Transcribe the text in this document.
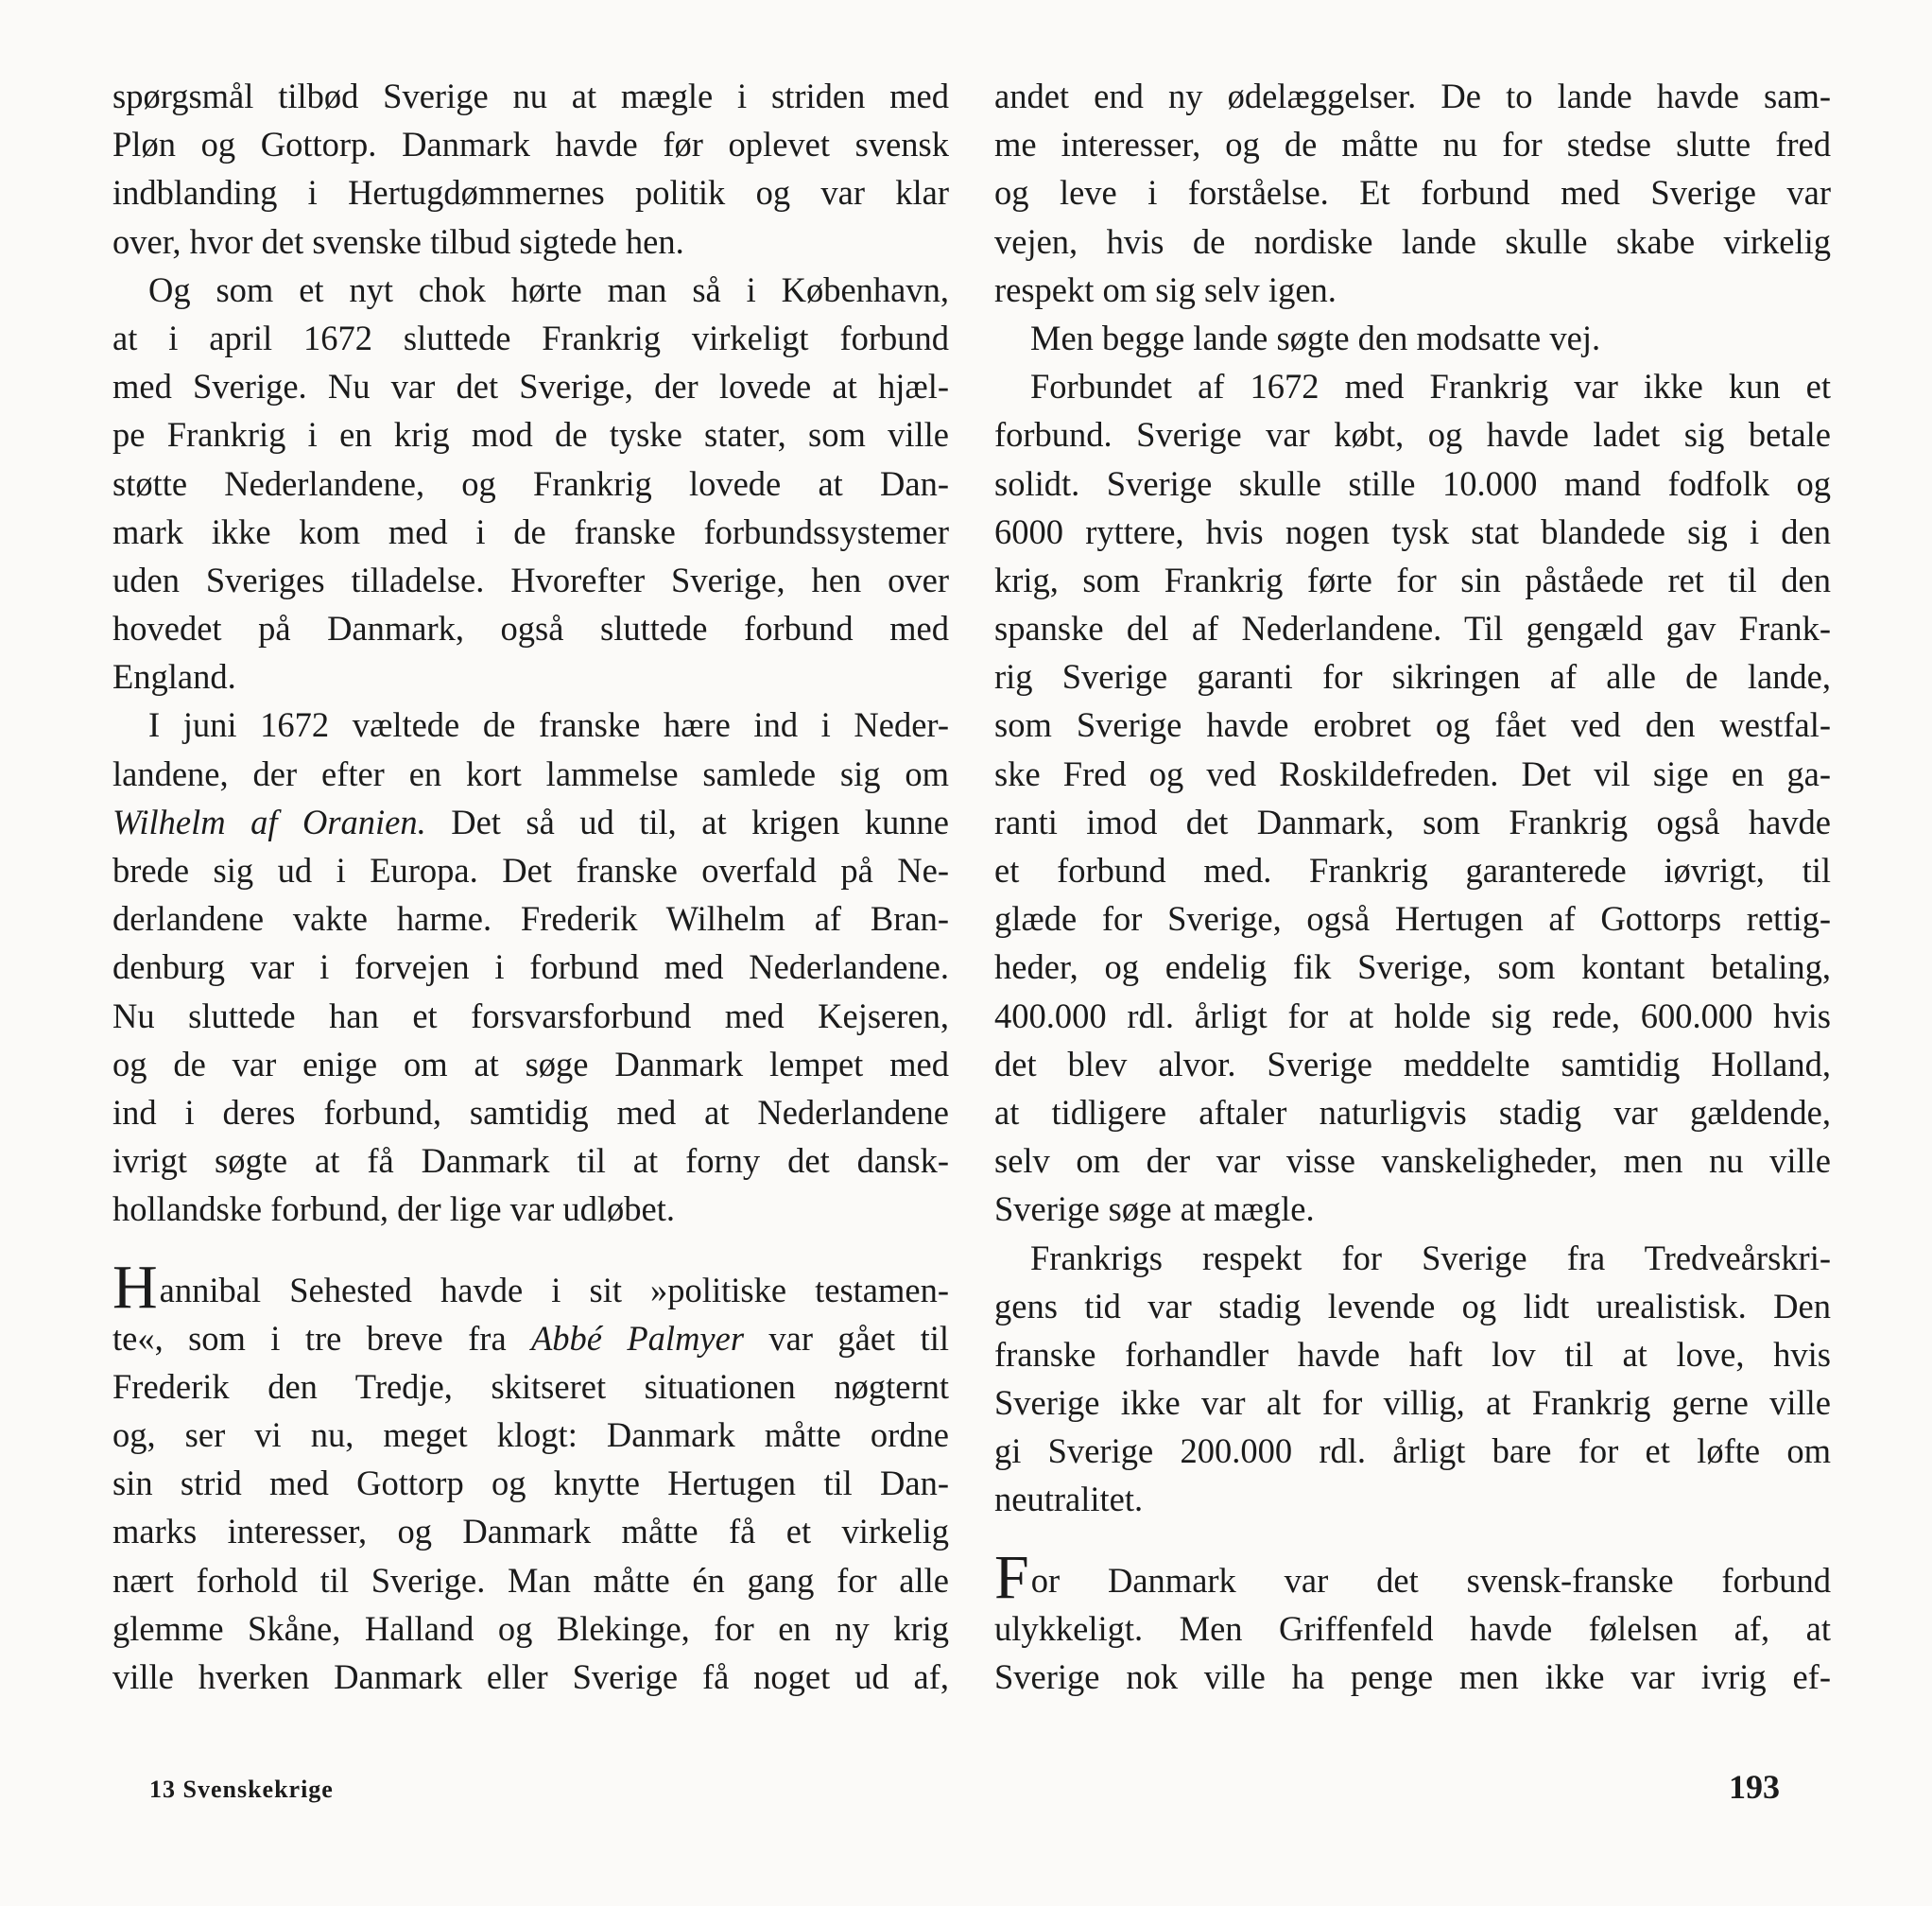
spørgsmål tilbød Sverige nu at mægle i striden med
Pløn og Gottorp. Danmark havde før oplevet svensk
indblanding i Hertugdømmernes politik og var klar
over, hvor det svenske tilbud sigtede hen.
Og som et nyt chok hørte man så i København,
at i april 1672 sluttede Frankrig virkeligt forbund
med Sverige. Nu var det Sverige, der lovede at hjæl-
pe Frankrig i en krig mod de tyske stater, som ville
støtte Nederlandene, og Frankrig lovede at Dan-
mark ikke kom med i de franske forbundssystemer
uden Sveriges tilladelse. Hvorefter Sverige, hen over
hovedet på Danmark, også sluttede forbund med
England.
I juni 1672 væltede de franske hære ind i Neder-
landene, der efter en kort lammelse samlede sig om
Wilhelm af Oranien. Det så ud til, at krigen kunne
brede sig ud i Europa. Det franske overfald på Ne-
derlandene vakte harme. Frederik Wilhelm af Bran-
denburg var i forvejen i forbund med Nederlandene.
Nu sluttede han et forsvarsforbund med Kejseren,
og de var enige om at søge Danmark lempet med
ind i deres forbund, samtidig med at Nederlandene
ivrigt søgte at få Danmark til at forny det dansk-
hollandske forbund, der lige var udløbet.
Hannibal Sehested havde i sit »politiske testamen-
te«, som i tre breve fra Abbé Palmyer var gået til
Frederik den Tredje, skitseret situationen nøgternt
og, ser vi nu, meget klogt: Danmark måtte ordne
sin strid med Gottorp og knytte Hertugen til Dan-
marks interesser, og Danmark måtte få et virkelig
nært forhold til Sverige. Man måtte én gang for alle
glemme Skåne, Halland og Blekinge, for en ny krig
ville hverken Danmark eller Sverige få noget ud af,
andet end ny ødelæggelser. De to lande havde sam-
me interesser, og de måtte nu for stedse slutte fred
og leve i forståelse. Et forbund med Sverige var
vejen, hvis de nordiske lande skulle skabe virkelig
respekt om sig selv igen.
Men begge lande søgte den modsatte vej.
Forbundet af 1672 med Frankrig var ikke kun et
forbund. Sverige var købt, og havde ladet sig betale
solidt. Sverige skulle stille 10.000 mand fodfolk og
6000 ryttere, hvis nogen tysk stat blandede sig i den
krig, som Frankrig førte for sin påståede ret til den
spanske del af Nederlandene. Til gengæld gav Frank-
rig Sverige garanti for sikringen af alle de lande,
som Sverige havde erobret og fået ved den westfal-
ske Fred og ved Roskildefreden. Det vil sige en ga-
ranti imod det Danmark, som Frankrig også havde
et forbund med. Frankrig garanterede iøvrigt, til
glæde for Sverige, også Hertugen af Gottorps rettig-
heder, og endelig fik Sverige, som kontant betaling,
400.000 rdl. årligt for at holde sig rede, 600.000 hvis
det blev alvor. Sverige meddelte samtidig Holland,
at tidligere aftaler naturligvis stadig var gældende,
selv om der var visse vanskeligheder, men nu ville
Sverige søge at mægle.
Frankrigs respekt for Sverige fra Tredveårskri-
gens tid var stadig levende og lidt urealistisk. Den
franske forhandler havde haft lov til at love, hvis
Sverige ikke var alt for villig, at Frankrig gerne ville
gi Sverige 200.000 rdl. årligt bare for et løfte om
neutralitet.
For Danmark var det svensk-franske forbund
ulykkeligt. Men Griffenfeld havde følelsen af, at
Sverige nok ville ha penge men ikke var ivrig ef-
13 Svenskekrige	193
